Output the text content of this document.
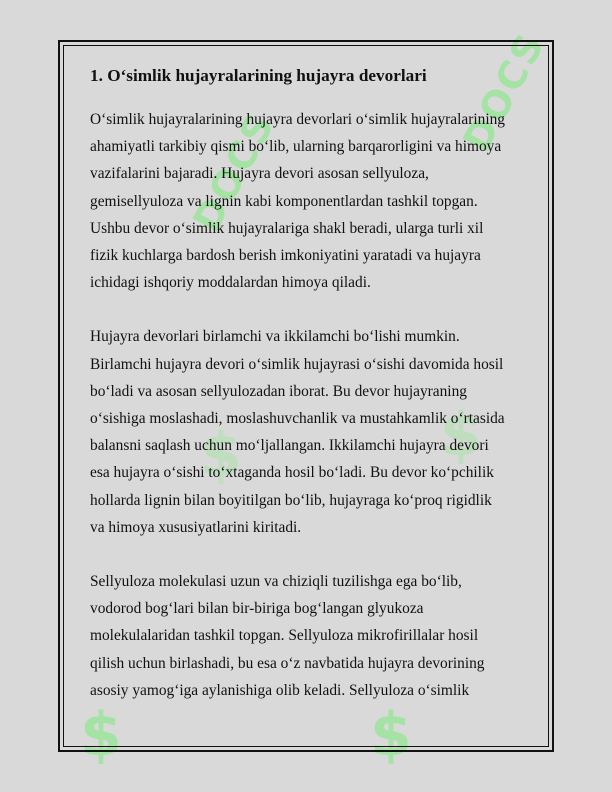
DOCS
DOCS
$	$
$	$
1. O‘simlik hujayralarining hujayra devorlari
O‘simlik hujayralarining hujayra devorlari o‘simlik hujayralarining
ahamiyatli tarkibiy qismi bo‘lib, ularning barqarorligini va himoya
vazifalarini bajaradi. Hujayra devori asosan sellyuloza,
gemisellyuloza va lignin kabi komponentlardan tashkil topgan.
Ushbu devor o‘simlik hujayralariga shakl beradi, ularga turli xil
fizik kuchlarga bardosh berish imkoniyatini yaratadi va hujayra
ichidagi ishqoriy moddalardan himoya qiladi.
Hujayra devorlari birlamchi va ikkilamchi bo‘lishi mumkin.
Birlamchi hujayra devori o‘simlik hujayrasi o‘sishi davomida hosil
bo‘ladi va asosan sellyulozadan iborat. Bu devor hujayraning
o‘sishiga moslashadi, moslashuvchanlik va mustahkamlik o‘rtasida
balansni saqlash uchun mo‘ljallangan. Ikkilamchi hujayra devori
esa hujayra o‘sishi to‘xtaganda hosil bo‘ladi. Bu devor ko‘pchilik
hollarda lignin bilan boyitilgan bo‘lib, hujayraga ko‘proq rigidlik
va himoya xususiyatlarini kiritadi.
Sellyuloza molekulasi uzun va chiziqli tuzilishga ega bo‘lib,
vodorod bog‘lari bilan bir-biriga bog‘langan glyukoza
molekulalaridan tashkil topgan. Sellyuloza mikrofirillalar hosil
qilish uchun birlashadi, bu esa o‘z navbatida hujayra devorining
asosiy yamog‘iga aylanishiga olib keladi. Sellyuloza o‘simlik
